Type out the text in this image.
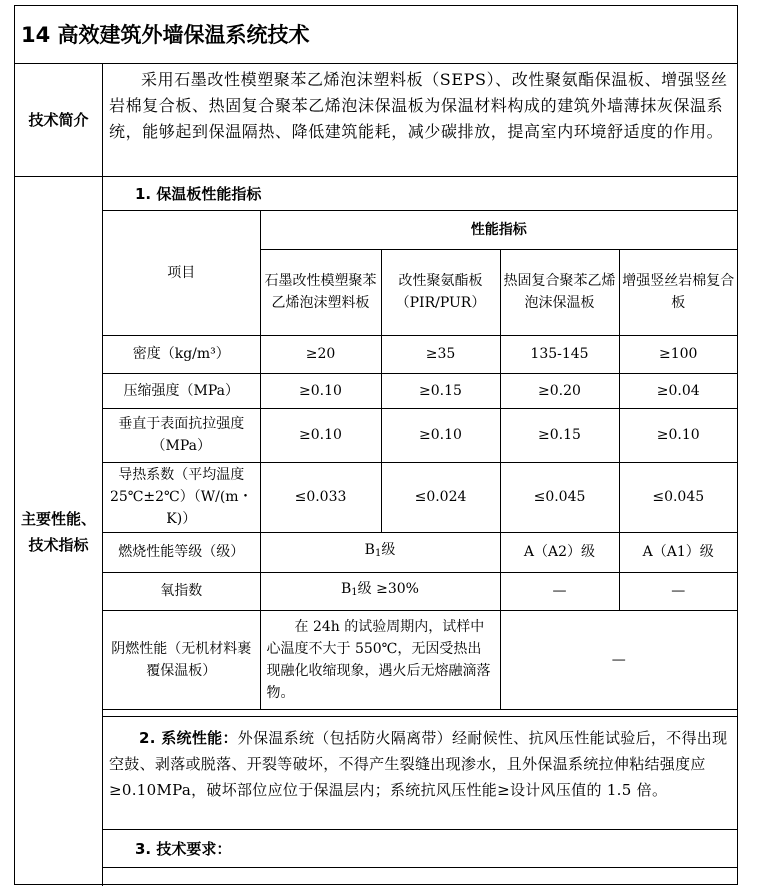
14 高效建筑外墙保温系统技术
技术简介
采用石墨改性模塑聚苯乙烯泡沫塑料板（SEPS）、改性聚氨酯保温板、增强竖丝岩棉复合板、热固复合聚苯乙烯泡沫保温板为保温材料构成的建筑外墙薄抹灰保温系统，能够起到保温隔热、降低建筑能耗，减少碳排放，提高室内环境舒适度的作用。
主要性能、技术指标
1. 保温板性能指标
项目	性能指标			
	石墨改性模塑聚苯乙烯泡沫塑料板	改性聚氨酯板（PIR/PUR）	热固复合聚苯乙烯泡沫保温板	增强竖丝岩棉复合板
密度（kg/m³）	≥20	≥35	135-145	≥100
压缩强度（MPa）	≥0.10	≥0.15	≥0.20	≥0.04
垂直于表面抗拉强度 （MPa）	≥0.10	≥0.10	≥0.15	≥0.10
导热系数（平均温度 25℃±2℃）（W/(m・K)）	≤0.033	≤0.024	≤0.045	≤0.045
燃烧性能等级（级）	$B_1$级		A（A2）级	A（A1）级
氧指数	$B_1$级 ≥30%		—	—
阴燃性能（无机材料裹覆保温板）	在 24h 的试验周期内，试样中心温度不大于 550℃，无因受热出现融化收缩现象，遇火后无熔融滴落物。		—	
2. 系统性能：外保温系统（包括防火隔离带）经耐候性、抗风压性能试验后，不得出现空鼓、剥落或脱落、开裂等破坏，不得产生裂缝出现渗水，且外保温系统拉伸粘结强度应≥0.10MPa，破坏部位应位于保温层内；系统抗风压性能≥设计风压值的 1.5 倍。
3. 技术要求：
